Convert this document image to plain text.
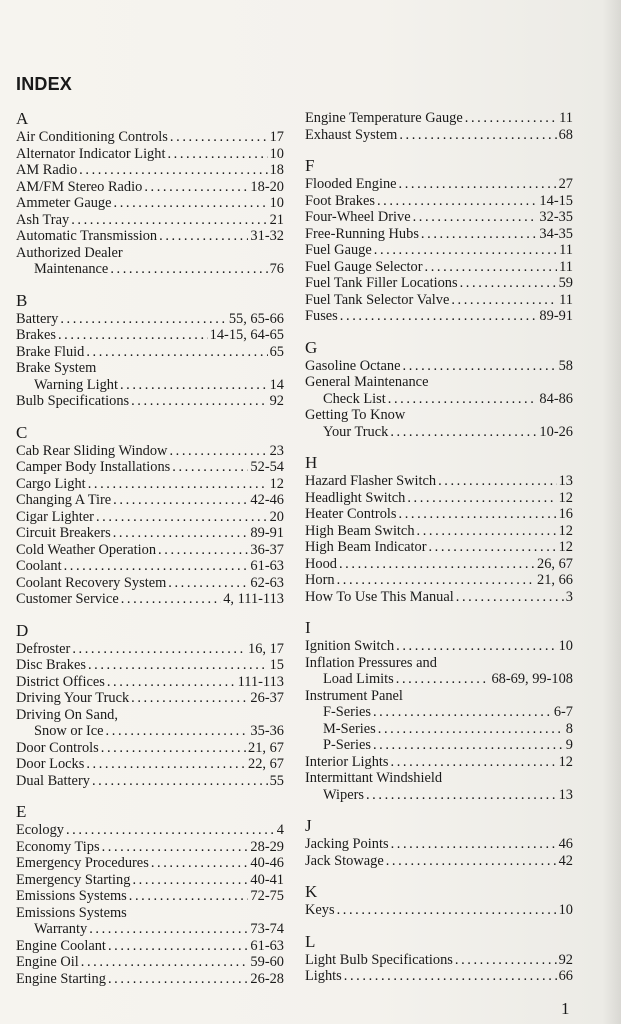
INDEX
A
Air Conditioning Controls . . .	17
Alternator Indicator Light . . .	10
AM Radio . . .	18
AM/FM Stereo Radio . . .	18-20
Ammeter Gauge . . .	10
Ash Tray . . .	21
Automatic Transmission . . .	31-32
Authorized Dealer
Maintenance . . .	76
B
Battery . . .	55, 65-66
Brakes . . .	14-15, 64-65
Brake Fluid . . .	65
Brake System
Warning Light . . .	14
Bulb Specifications . . .	92
C
Cab Rear Sliding Window . . .	23
Camper Body Installations . . .	52-54
Cargo Light . . .	12
Changing A Tire . . .	42-46
Cigar Lighter . . .	20
Circuit Breakers . . .	89-91
Cold Weather Operation . . .	36-37
Coolant . . .	61-63
Coolant Recovery System . . .	62-63
Customer Service . . .	4, 111-113
D
Defroster . . .	16, 17
Disc Brakes . . .	15
District Offices . . .	111-113
Driving Your Truck . . .	26-37
Driving On Sand,
Snow or Ice . . .	35-36
Door Controls . . .	21, 67
Door Locks . . .	22, 67
Dual Battery . . .	55
E
Ecology . . .	4
Economy Tips . . .	28-29
Emergency Procedures . . .	40-46
Emergency Starting . . .	40-41
Emissions Systems . . .	72-75
Emissions Systems
Warranty . . .	73-74
Engine Coolant . . .	61-63
Engine Oil . . .	59-60
Engine Starting . . .	26-28
Engine Temperature Gauge . . .	11
Exhaust System . . .	68
F
Flooded Engine . . .	27
Foot Brakes . . .	14-15
Four-Wheel Drive . . .	32-35
Free-Running Hubs . . .	34-35
Fuel Gauge . . .	11
Fuel Gauge Selector . . .	11
Fuel Tank Filler Locations . . .	59
Fuel Tank Selector Valve . . .	11
Fuses . . .	89-91
G
Gasoline Octane . . .	58
General Maintenance
Check List . . .	84-86
Getting To Know
Your Truck . . .	10-26
H
Hazard Flasher Switch . . .	13
Headlight Switch . . .	12
Heater Controls . . .	16
High Beam Switch . . .	12
High Beam Indicator . . .	12
Hood . . .	26, 67
Horn . . .	21, 66
How To Use This Manual . . .	3
I
Ignition Switch . . .	10
Inflation Pressures and
Load Limits . . .	68-69, 99-108
Instrument Panel
F-Series . . .	6-7
M-Series . . .	8
P-Series . . .	9
Interior Lights . . .	12
Intermittant Windshield
Wipers . . .	13
J
Jacking Points . . .	46
Jack Stowage . . .	42
K
Keys . . .	10
L
Light Bulb Specifications . . .	92
Lights . . .	66
1
